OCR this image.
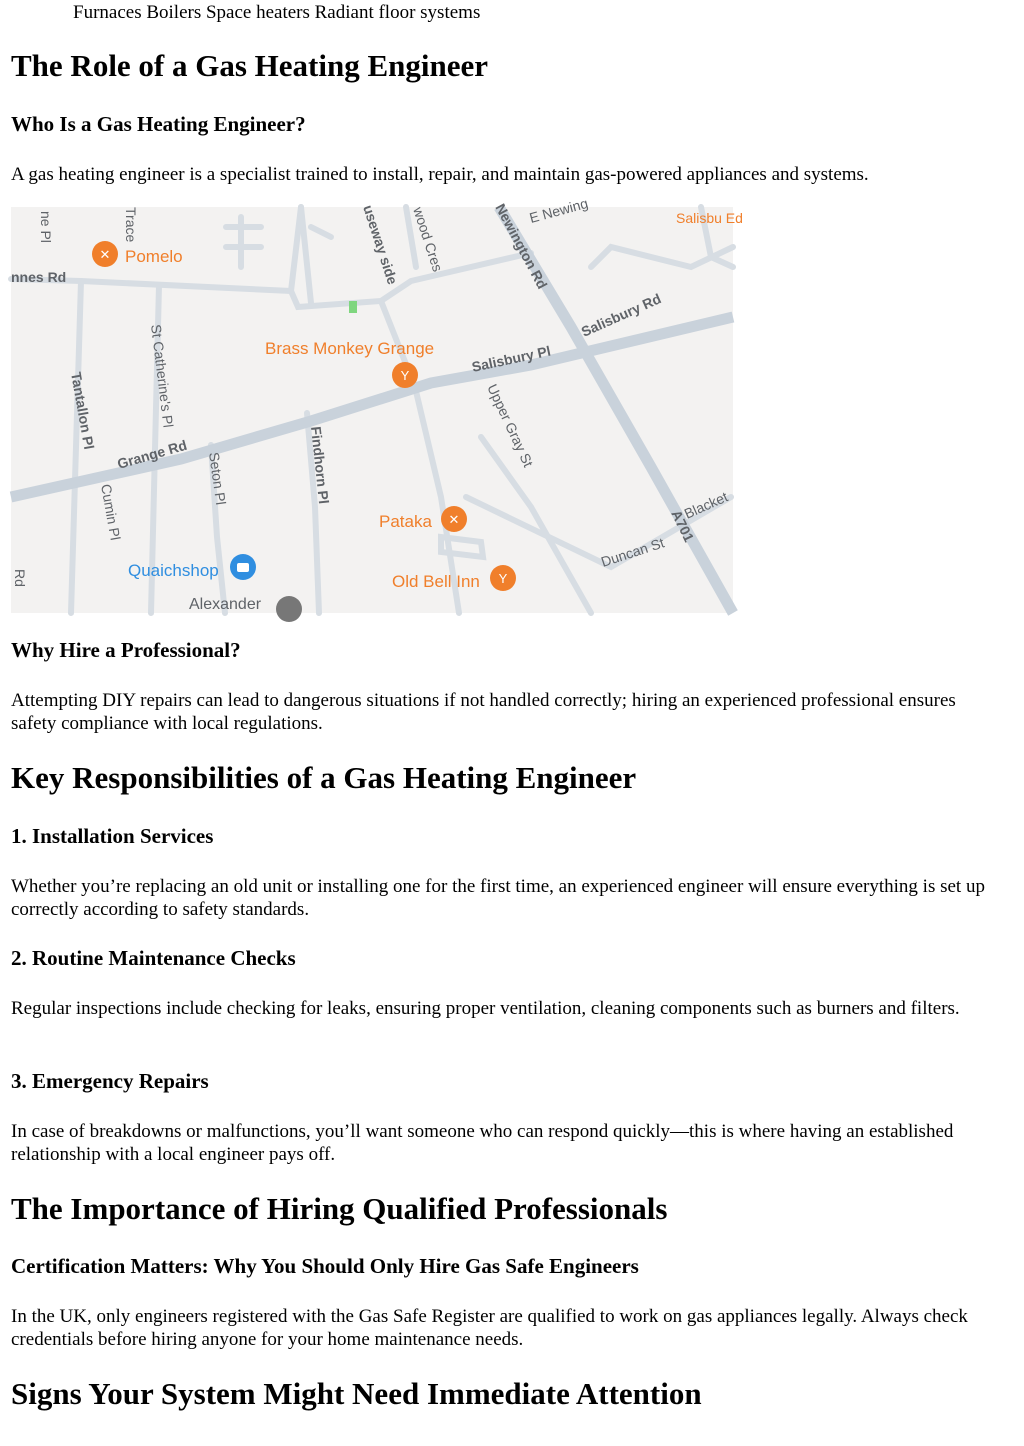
Furnaces Boilers Space heaters Radiant floor systems
The Role of a Gas Heating Engineer
Who Is a Gas Heating Engineer?

A gas heating engineer is a specialist trained to install, repair, and maintain gas-powered appliances and systems.

ne Pl	Trace	useway side wood Cres	Newington Rd
E Newing	Salisbu Ed
nnes Rd
Salisbury Rd
St Catherine's Pl	Salisbury Pl
Tantallon Pl
Grange Rd Seton Pl	Findhorn Pl	Upper Gray St
Cumin Pl
Duncan St
A701
Blacket
Rd
✕ Pomelo
Brass Monkey Grange
Y
Pataka ✕
Old Bell Inn Y
Quaichshop
Alexander
Why Hire a Professional?

Attempting DIY repairs can lead to dangerous situations if not handled correctly; hiring an experienced professional ensures safety compliance with local regulations.

Key Responsibilities of a Gas Heating Engineer
1. Installation Services

Whether you’re replacing an old unit or installing one for the first time, an experienced engineer will ensure everything is set up correctly according to safety standards.

2. Routine Maintenance Checks

Regular inspections include checking for leaks, ensuring proper ventilation, cleaning components such as burners and filters.

3. Emergency Repairs

In case of breakdowns or malfunctions, you’ll want someone who can respond quickly—this is where having an established relationship with a local engineer pays off.

The Importance of Hiring Qualified Professionals
Certification Matters: Why You Should Only Hire Gas Safe Engineers

In the UK, only engineers registered with the Gas Safe Register are qualified to work on gas appliances legally. Always check credentials before hiring anyone for your home maintenance needs.

Signs Your System Might Need Immediate Attention
